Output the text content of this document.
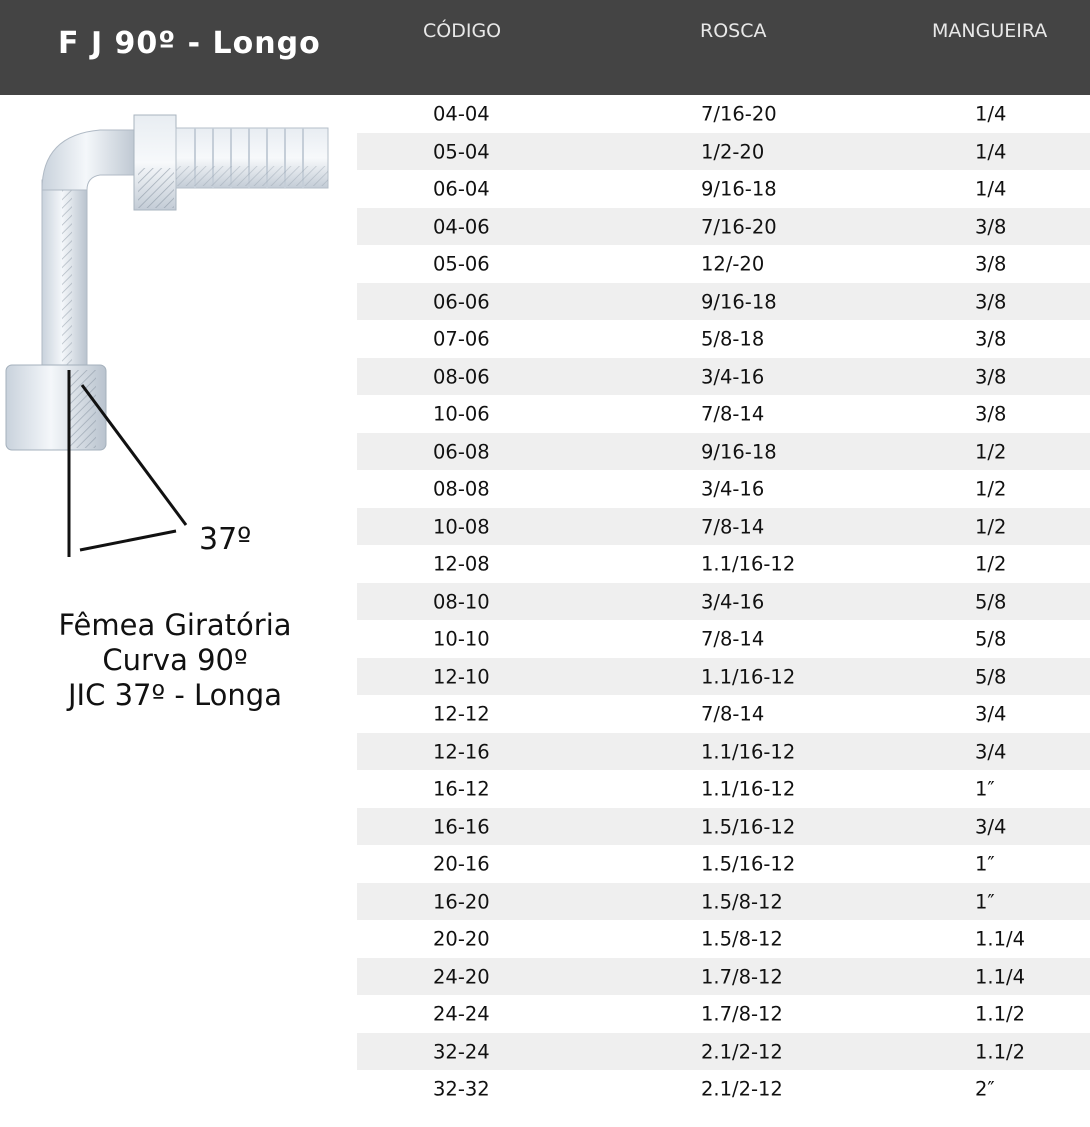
F J 90º - Longo	CÓDIGO	ROSCA	MANGUEIRA
37º
Fêmea Giratória
Curva 90º
JIC 37º - Longa
04-04	7/16-20	1/4
05-04	1/2-20	1/4
06-04	9/16-18	1/4
04-06	7/16-20	3/8
05-06	12/-20	3/8
06-06	9/16-18	3/8
07-06	5/8-18	3/8
08-06	3/4-16	3/8
10-06	7/8-14	3/8
06-08	9/16-18	1/2
08-08	3/4-16	1/2
10-08	7/8-14	1/2
12-08	1.1/16-12	1/2
08-10	3/4-16	5/8
10-10	7/8-14	5/8
12-10	1.1/16-12	5/8
12-12	7/8-14	3/4
12-16	1.1/16-12	3/4
16-12	1.1/16-12	1″
16-16	1.5/16-12	3/4
20-16	1.5/16-12	1″
16-20	1.5/8-12	1″
20-20	1.5/8-12	1.1/4
24-20	1.7/8-12	1.1/4
24-24	1.7/8-12	1.1/2
32-24	2.1/2-12	1.1/2
32-32	2.1/2-12	2″
